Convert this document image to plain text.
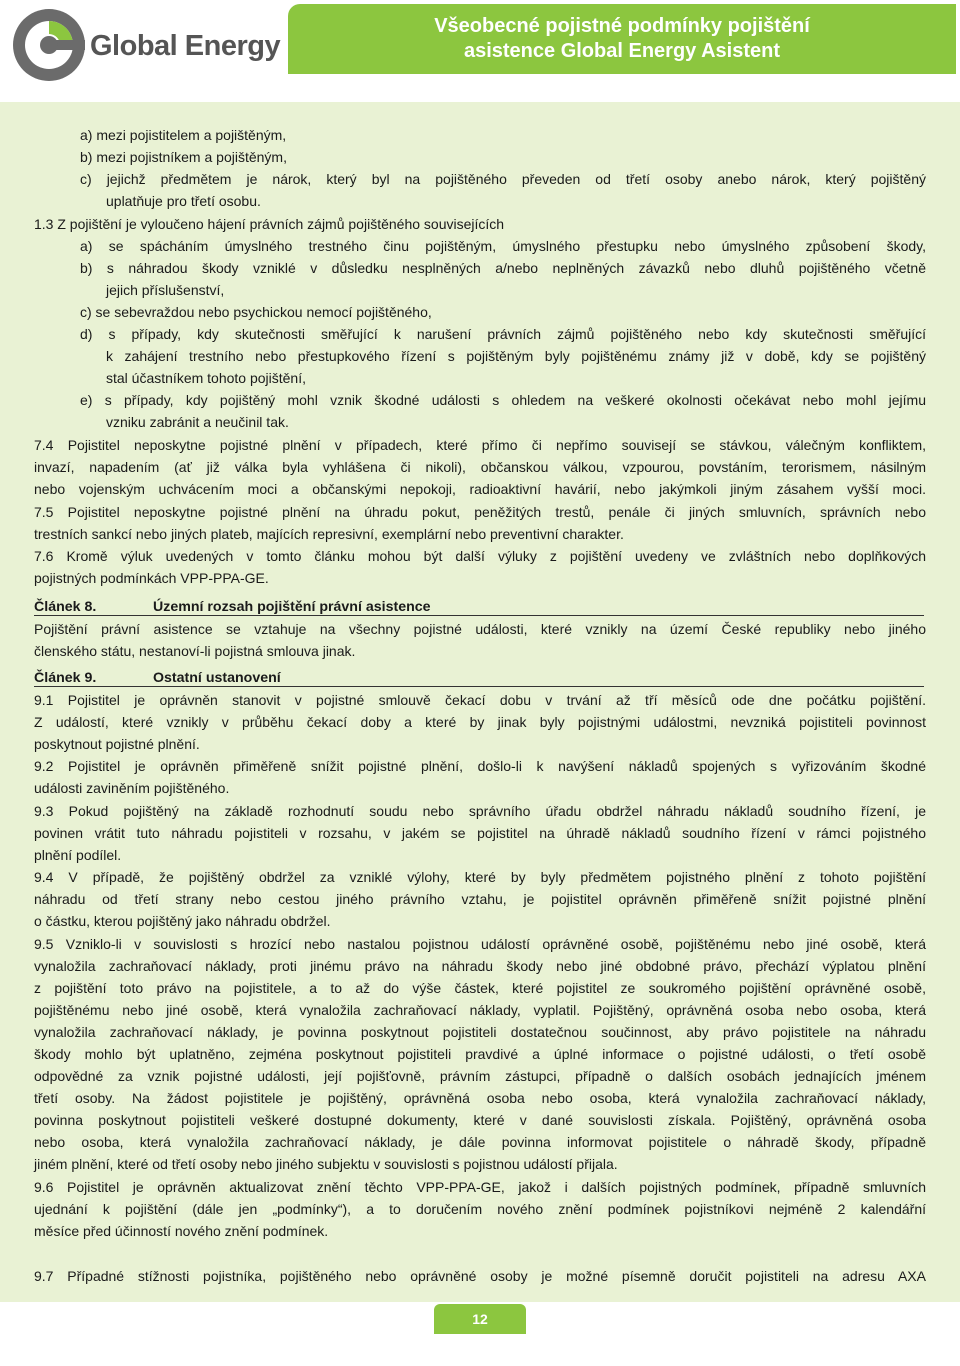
Global Energy
Všeobecné pojistné podmínky pojištění
asistence Global Energy Asistent
a) mezi pojistitelem a pojištěným,
b) mezi pojistníkem a pojištěným,
c) jejichž předmětem je nárok, který byl na pojištěného převeden od třetí osoby anebo nárok, který pojištěný
uplatňuje pro třetí osobu.
1.3 Z pojištění je vyloučeno hájení právních zájmů pojištěného souvisejících
a) se spácháním úmyslného trestného činu pojištěným, úmyslného přestupku nebo úmyslného způsobení škody,
b) s náhradou škody vzniklé v důsledku nesplněných a/nebo neplněných závazků nebo dluhů pojištěného včetně
jejich příslušenství,
c) se sebevraždou nebo psychickou nemocí pojištěného,
d) s případy, kdy skutečnosti směřující k narušení právních zájmů pojištěného nebo kdy skutečnosti směřující
k zahájení trestního nebo přestupkového řízení s pojištěným byly pojištěnému známy již v době, kdy se pojištěný
stal účastníkem tohoto pojištění,
e) s případy, kdy pojištěný mohl vznik škodné události s ohledem na veškeré okolnosti očekávat nebo mohl jejímu
vzniku zabránit a neučinil tak.
7.4 Pojistitel neposkytne pojistné plnění v případech, které přímo či nepřímo souvisejí se stávkou, válečným konfliktem,
invazí, napadením (ať již válka byla vyhlášena či nikoli), občanskou válkou, vzpourou, povstáním, terorismem, násilným
nebo vojenským uchvácením moci a občanskými nepokoji, radioaktivní havárií, nebo jakýmkoli jiným zásahem vyšší moci.
7.5 Pojistitel neposkytne pojistné plnění na úhradu pokut, peněžitých trestů, penále či jiných smluvních, správních nebo
trestních sankcí nebo jiných plateb, majících represivní, exemplární nebo preventivní charakter.
7.6 Kromě výluk uvedených v tomto článku mohou být další výluky z pojištění uvedeny ve zvláštních nebo doplňkových
pojistných podmínkách VPP-PPA-GE.
Článek 8.	Územní rozsah pojištění právní asistence
Pojištění právní asistence se vztahuje na všechny pojistné události, které vznikly na území České republiky nebo jiného
členského státu, nestanoví-li pojistná smlouva jinak.
Článek 9.	Ostatní ustanovení
9.1 Pojistitel je oprávněn stanovit v pojistné smlouvě čekací dobu v trvání až tří měsíců ode dne počátku pojištění.
Z událostí, které vznikly v průběhu čekací doby a které by jinak byly pojistnými událostmi, nevzniká pojistiteli povinnost
poskytnout pojistné plnění.
9.2 Pojistitel je oprávněn přiměřeně snížit pojistné plnění, došlo-li k navýšení nákladů spojených s vyřizováním škodné
události zaviněním pojištěného.
9.3 Pokud pojištěný na základě rozhodnutí soudu nebo správního úřadu obdržel náhradu nákladů soudního řízení, je
povinen vrátit tuto náhradu pojistiteli v rozsahu, v jakém se pojistitel na úhradě nákladů soudního řízení v rámci pojistného
plnění podílel.
9.4 V případě, že pojištěný obdržel za vzniklé výlohy, které by byly předmětem pojistného plnění z tohoto pojištění
náhradu od třetí strany nebo cestou jiného právního vztahu, je pojistitel oprávněn přiměřeně snížit pojistné plnění
o částku, kterou pojištěný jako náhradu obdržel.
9.5 Vzniklo-li v souvislosti s hrozící nebo nastalou pojistnou událostí oprávněné osobě, pojištěnému nebo jiné osobě, která
vynaložila zachraňovací náklady, proti jinému právo na náhradu škody nebo jiné obdobné právo, přechází výplatou plnění
z pojištění toto právo na pojistitele, a to až do výše částek, které pojistitel ze soukromého pojištění oprávněné osobě,
pojištěnému nebo jiné osobě, která vynaložila zachraňovací náklady, vyplatil. Pojištěný, oprávněná osoba nebo osoba, která
vynaložila zachraňovací náklady, je povinna poskytnout pojistiteli dostatečnou součinnost, aby právo pojistitele na náhradu
škody mohlo být uplatněno, zejména poskytnout pojistiteli pravdivé a úplné informace o pojistné události, o třetí osobě
odpovědné za vznik pojistné události, její pojišťovně, právním zástupci, případně o dalších osobách jednajících jménem
třetí osoby. Na žádost pojistitele je pojištěný, oprávněná osoba nebo osoba, která vynaložila zachraňovací náklady,
povinna poskytnout pojistiteli veškeré dostupné dokumenty, které v dané souvislosti získala. Pojištěný, oprávněná osoba
nebo osoba, která vynaložila zachraňovací náklady, je dále povinna informovat pojistitele o náhradě škody, případně
jiném plnění, které od třetí osoby nebo jiného subjektu v souvislosti s pojistnou událostí přijala.
9.6 Pojistitel je oprávněn aktualizovat znění těchto VPP-PPA-GE, jakož i dalších pojistných podmínek, případně smluvních
ujednání k pojištění (dále jen „podmínky“), a to doručením nového znění podmínek pojistníkovi nejméně 2 kalendářní
měsíce před účinností nového znění podmínek.
9.7 Případné stížnosti pojistníka, pojištěného nebo oprávněné osoby je možné písemně doručit pojistiteli na adresu AXA
12
